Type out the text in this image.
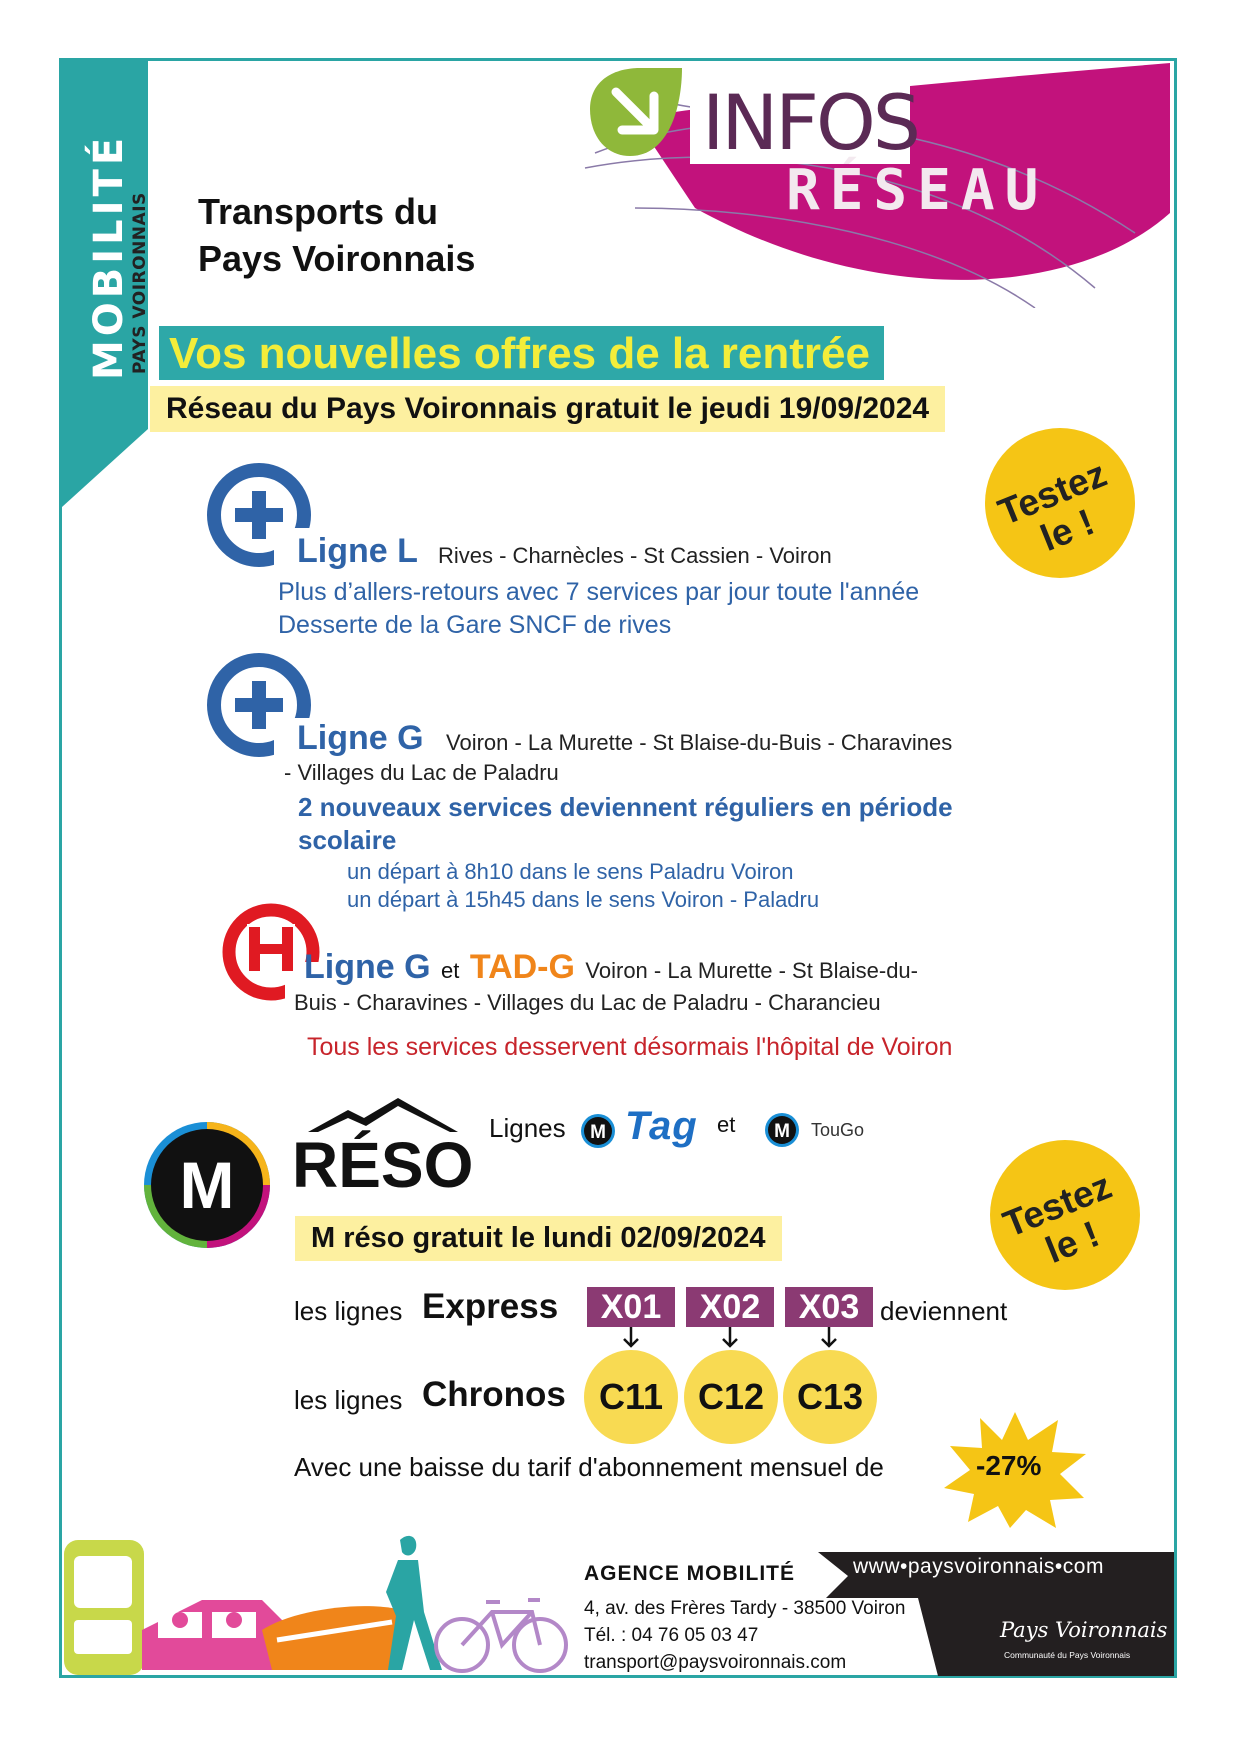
MOBILITÉ
PAYS VOIRONNAIS Transports du
Pays Voironnais
INFOS
RÉSEAU
Vos nouvelles offres de la rentrée
Réseau du Pays Voironnais gratuit le jeudi 19/09/2024
Testez le !
Ligne L Rives - Charnècles - St Cassien - Voiron
Plus d’allers-retours avec 7 services par jour toute l'année
Desserte de la Gare SNCF de rives
Ligne G Voiron - La Murette - St Blaise-du-Buis - Charavines
- Villages du Lac de Paladru
2 nouveaux services deviennent réguliers en période
scolaire
un départ à 8h10 dans le sens Paladru Voiron
un départ à 15h45 dans le sens Voiron - Paladru
Ligne G et TAD-G Voiron - La Murette - St Blaise-du-
Buis - Charavines - Villages du Lac de Paladru - Charancieu
Tous les services desservent désormais l'hôpital de Voiron
M RÉSO
Lignes M Tag et M TouGo
Testez le !
M réso gratuit le lundi 02/09/2024
les lignes Express	X01	X02	X03 deviennent
les lignes Chronos C11 C12 C13
Avec une baisse du tarif d'abonnement mensuel de	-27%
AGENCE MOBILITÉ
4, av. des Frères Tardy - 38500 Voiron
Tél. : 04 76 05 03 47
transport@paysvoironnais.com
www•paysvoironnais•com
Pays Voironnais
Communauté du Pays Voironnais
